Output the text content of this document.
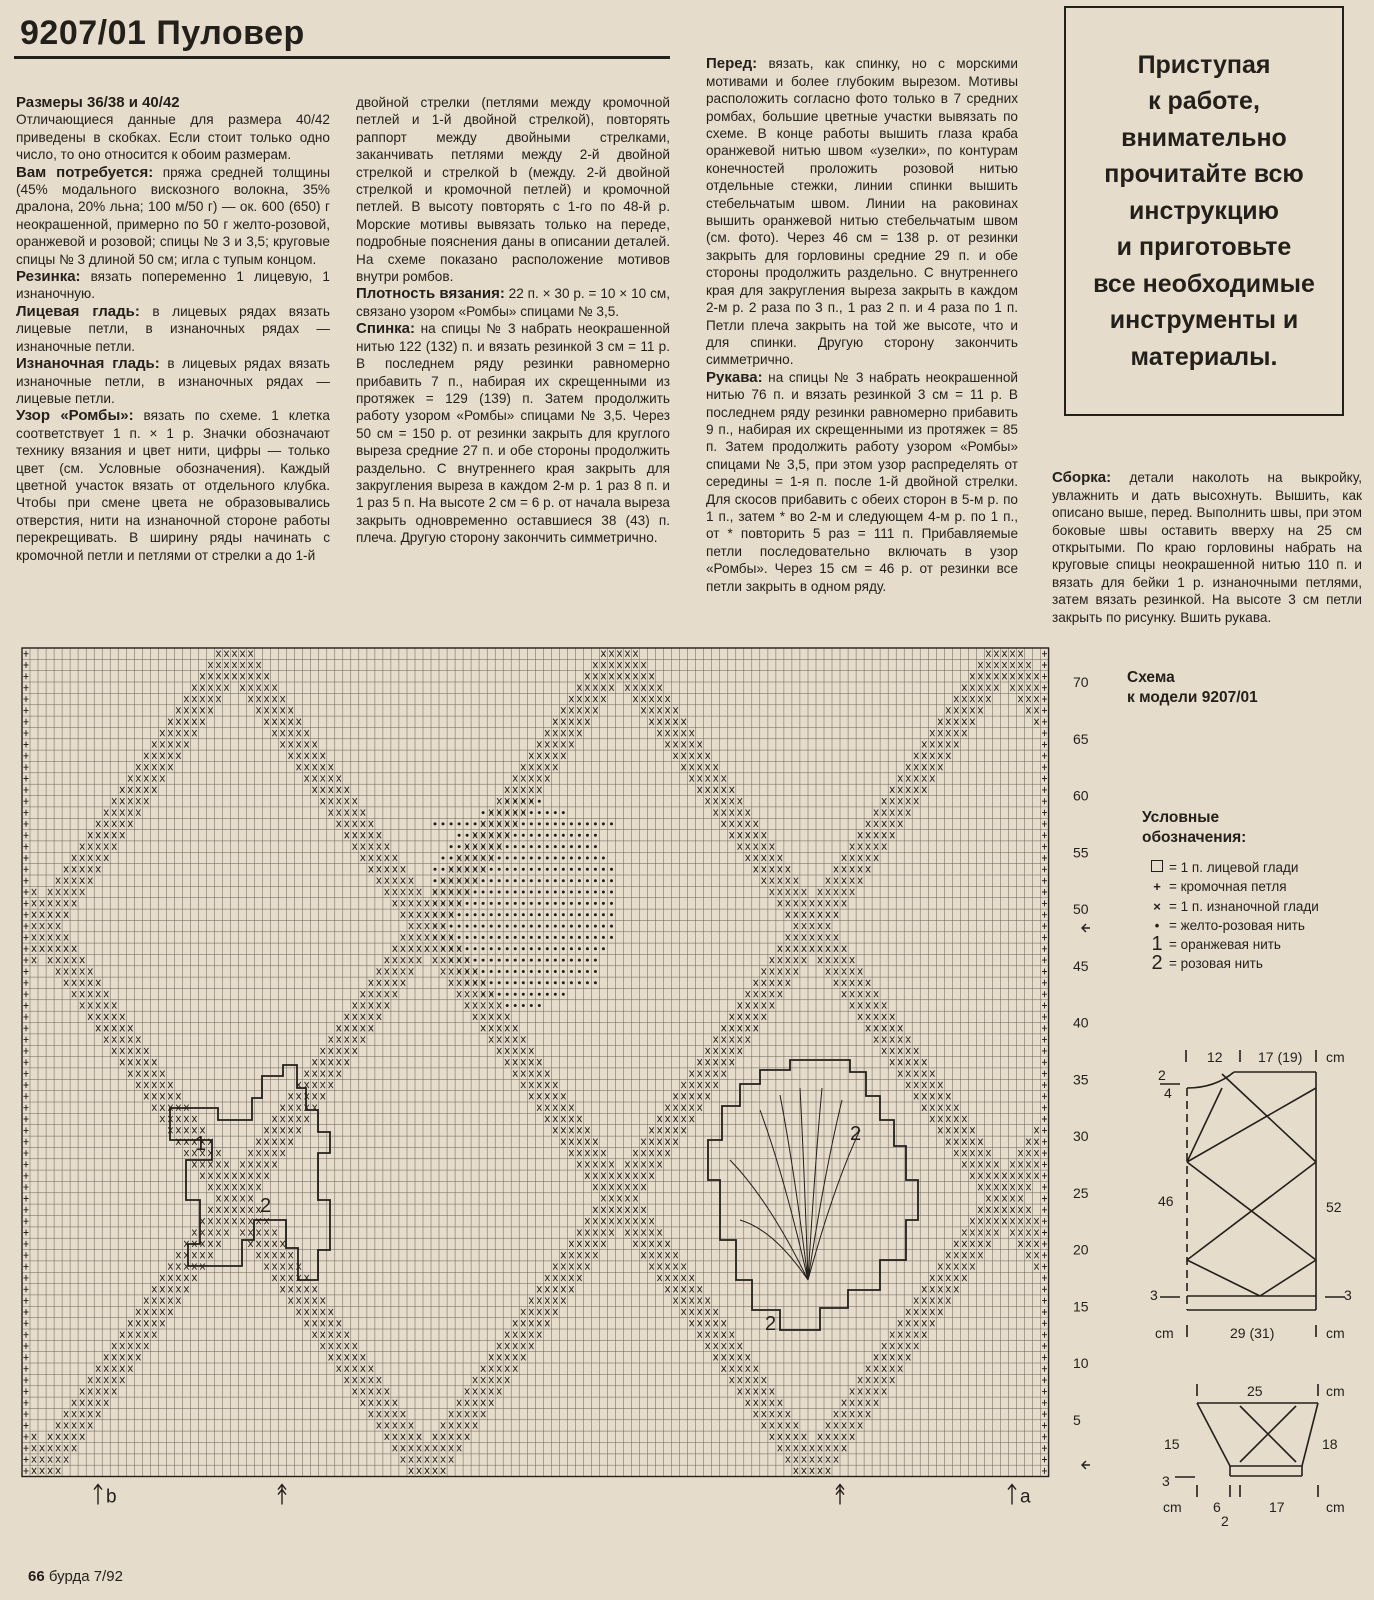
9207/01 Пуловер

Размеры 36/38 и 40/42
Отличающиеся данные для размера 40/42 приведены в скобках. Если стоит только одно число, то оно относится к обоим размерам.
Вам потребуется: пряжа средней толщины (45% модального вискозного волокна, 35% дралона, 20% льна; 100 м/50 г) — ок. 600 (650) г неокрашенной, примерно по 50 г желто-розовой, оранжевой и розовой; спицы № 3 и 3,5; круговые спицы № 3 длиной 50 см; игла с тупым концом.
Резинка: вязать попеременно 1 лицевую, 1 изнаночную.
Лицевая гладь: в лицевых рядах вязать лицевые петли, в изнаночных рядах — изнаночные петли.
Изнаночная гладь: в лицевых рядах вязать изнаночные петли, в изнаночных рядах — лицевые петли.
Узор «Ромбы»: вязать по схеме. 1 клетка соответствует 1 п. × 1 р. Значки обозначают технику вязания и цвет нити, цифры — только цвет (см. Условные обозначения). Каждый цветной участок вязать от отдельного клубка. Чтобы при смене цвета не образовывались отверстия, нити на изнаночной стороне работы перекрещивать. В ширину ряды начинать с кромочной петли и петлями от стрелки a до 1-й

двойной стрелки (петлями между кромочной петлей и 1-й двойной стрелкой), повторять раппорт между двойными стрелками, заканчивать петлями между 2-й двойной стрелкой и стрелкой b (между. 2-й двойной стрелкой и кромочной петлей) и кромочной петлей. В высоту повторять с 1-го по 48-й р. Морские мотивы вывязать только на переде, подробные пояснения даны в описании деталей. На схеме показано расположение мотивов внутри ромбов.
Плотность вязания: 22 п. × 30 р. = 10 × 10 см, связано узором «Ромбы» спицами № 3,5.
Спинка: на спицы № 3 набрать неокрашенной нитью 122 (132) п. и вязать резинкой 3 см = 11 р. В последнем ряду резинки равномерно прибавить 7 п., набирая их скрещенными из протяжек = 129 (139) п. Затем продолжить работу узором «Ромбы» спицами № 3,5. Через 50 см = 150 р. от резинки закрыть для круглого выреза средние 27 п. и обе стороны продолжить раздельно. С внутреннего края закрыть для закругления выреза в каждом 2-м р. 1 раз 8 п. и 1 раз 5 п. На высоте 2 см = 6 р. от начала выреза закрыть одновременно оставшиеся 38 (43) п. плеча. Другую сторону закончить симметрично.

Перед: вязать, как спинку, но с морскими мотивами и более глубоким вырезом. Мотивы расположить согласно фото только в 7 средних ромбах, большие цветные участки вывязать по схеме. В конце работы вышить глаза краба оранжевой нитью швом «узелки», по контурам конечностей проложить розовой нитью отдельные стежки, линии спинки вышить стебельчатым швом. Линии на раковинах вышить оранжевой нитью стебельчатым швом (см. фото). Через 46 см = 138 р. от резинки закрыть для горловины средние 29 п. и обе стороны продолжить раздельно. С внутреннего края для закругления выреза закрыть в каждом 2-м р. 2 раза по 3 п., 1 раз 2 п. и 4 раза по 1 п. Петли плеча закрыть на той же высоте, что и для спинки. Другую сторону закончить симметрично.
Рукава: на спицы № 3 набрать неокрашенной нитью 76 п. и вязать резинкой 3 см = 11 р. В последнем ряду резинки равномерно прибавить 9 п., набирая их скрещенными из протяжек = 85 п. Затем продолжить работу узором «Ромбы» спицами № 3,5, при этом узор распределять от середины = 1-я п. после 1-й двойной стрелки. Для скосов прибавить с обеих сторон в 5-м р. по 1 п., затем * во 2-м и следующем 4-м р. по 1 п., от * повторить 5 раз = 111 п. Прибавляемые петли последовательно включать в узор «Ромбы». Через 15 см = 46 р. от резинки все петли закрыть в одном ряду.

Сборка: детали наколоть на выкройку, увлажнить и дать высохнуть. Вышить, как описано выше, перед. Выполнить швы, при этом боковые швы оставить вверху на 25 см открытыми. По краю горловины набрать на круговые спицы неокрашенной нитью 110 п. и вязать для бейки 1 р. изнаночными петлями, затем вязать резинкой. На высоте 3 см петли закрыть по рисунку. Вшить рукава.

Приступая
к работе,
внимательно
прочитайте всю
инструкцию
и приготовьте
все необходимые
инструменты и
материалы.
1
2
2
2
70
65
60
55
50
45
40
35
30
25
20
15
10
5
b	a
Схема
к модели 9207/01
Условные
обозначения:
= 1 п. лицевой глади
+ = кромочная петля
× = 1 п. изнаночной глади
• = желто-розовая нить
1 = оранжевая нить
2 = розовая нить
12	17 (19) cm
2
4
46	52
3	3
cm	29 (31)	cm
25	cm
15	18
3
cm 6
2
17	cm
66 бурда 7/92
